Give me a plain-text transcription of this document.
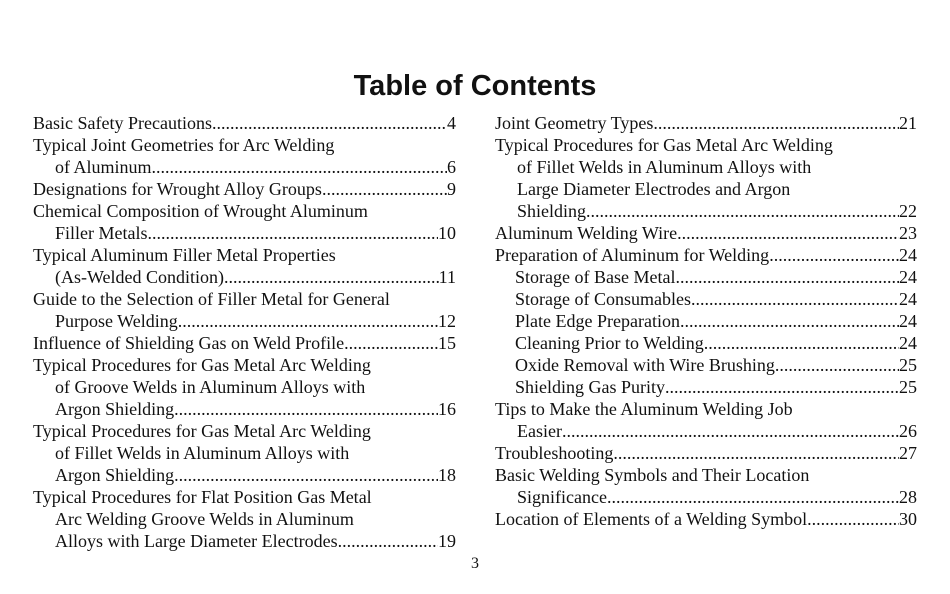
Table of Contents
Basic Safety Precautions .....	4
Typical Joint Geometries for Arc Welding
of Aluminum .....	6
Designations for Wrought Alloy Groups .....	9
Chemical Composition of Wrought Aluminum
Filler Metals .....	10
Typical Aluminum Filler Metal Properties
(As-Welded Condition) .....	11
Guide to the Selection of Filler Metal for General
Purpose Welding .....	12
Influence of Shielding Gas on Weld Profile .....	15
Typical Procedures for Gas Metal Arc Welding
of Groove Welds in Aluminum Alloys with
Argon Shielding .....	16
Typical Procedures for Gas Metal Arc Welding
of Fillet Welds in Aluminum Alloys with
Argon Shielding .....	18
Typical Procedures for Flat Position Gas Metal
Arc Welding Groove Welds in Aluminum
Alloys with Large Diameter Electrodes .....	19
Joint Geometry Types .....	21
Typical Procedures for Gas Metal Arc Welding
of Fillet Welds in Aluminum Alloys with
Large Diameter Electrodes and Argon
Shielding .....	22
Aluminum Welding Wire .....	23
Preparation of Aluminum for Welding .....	24
Storage of Base Metal .....	24
Storage of Consumables .....	24
Plate Edge Preparation .....	24
Cleaning Prior to Welding .....	24
Oxide Removal with Wire Brushing .....	25
Shielding Gas Purity .....	25
Tips to Make the Aluminum Welding Job
Easier .....	26
Troubleshooting .....	27
Basic Welding Symbols and Their Location
Significance .....	28
Location of Elements of a Welding Symbol .....	30
3
